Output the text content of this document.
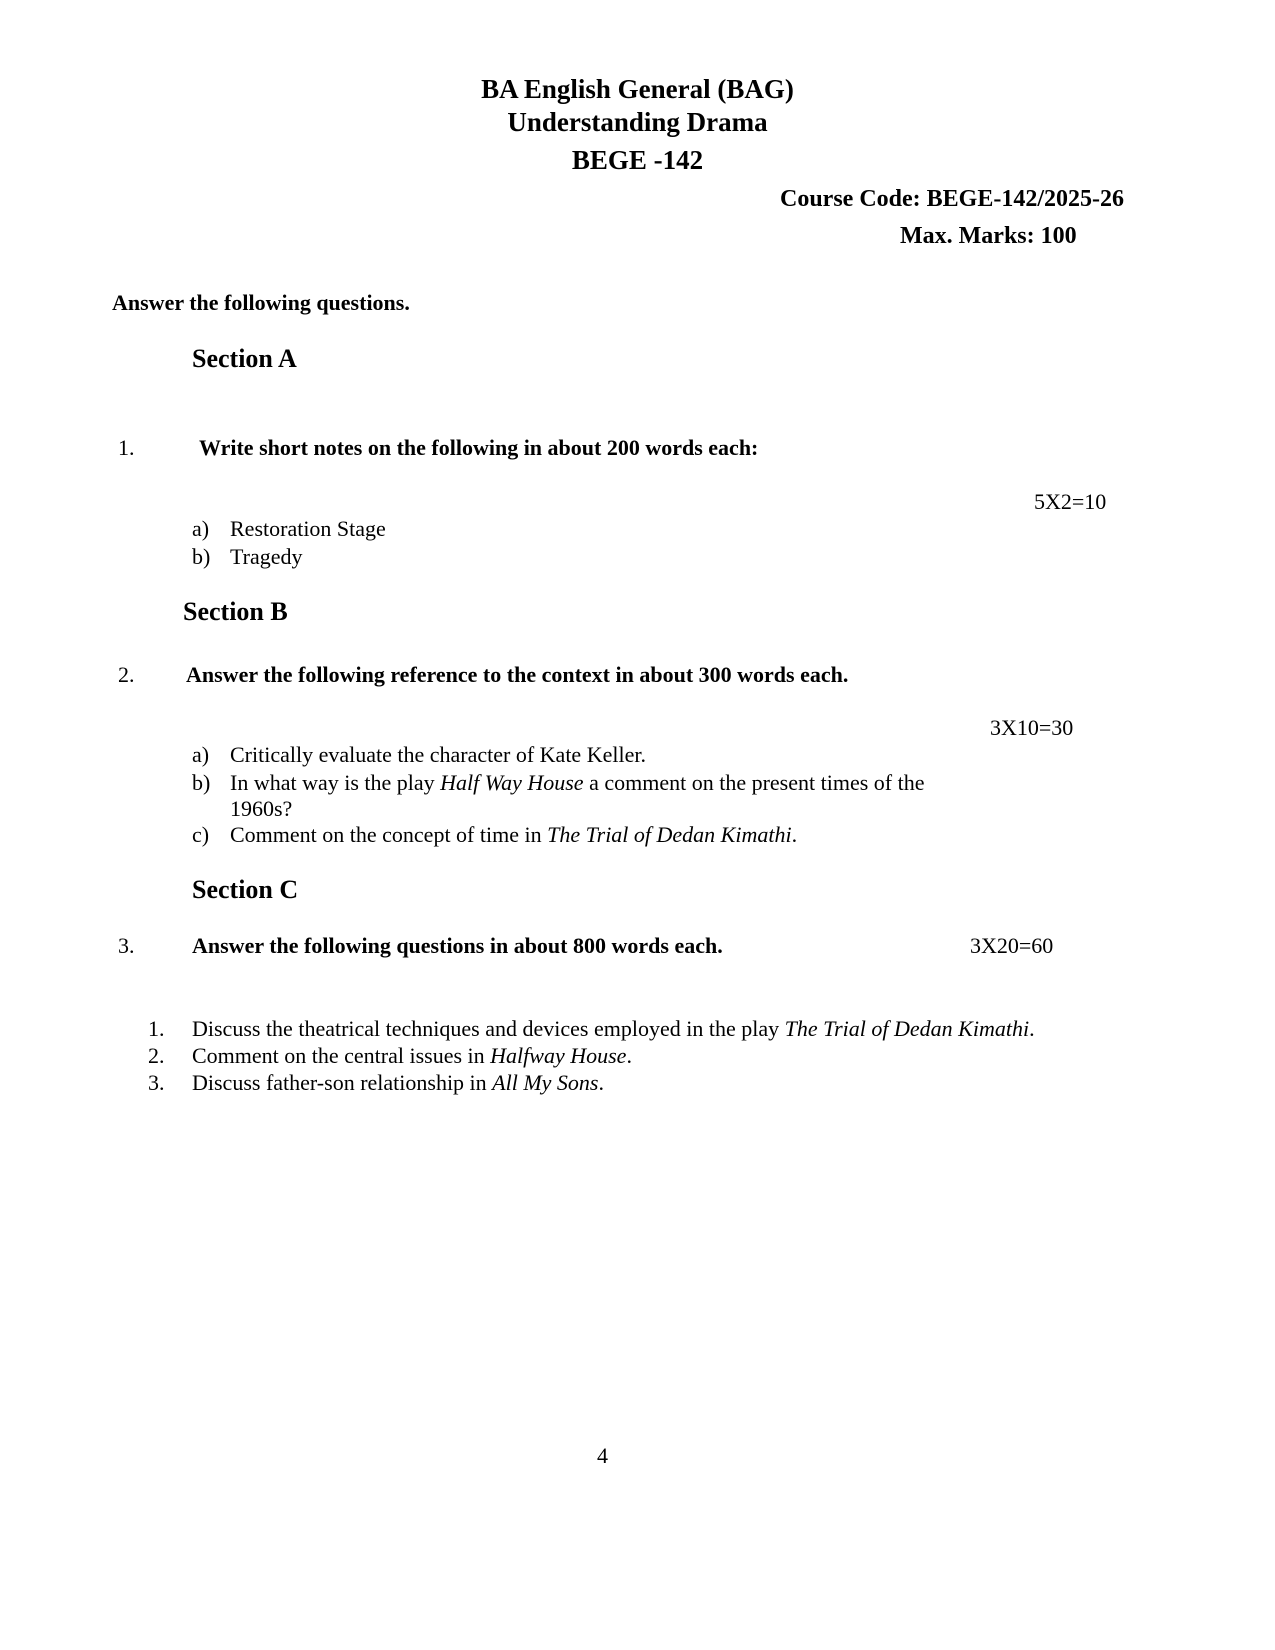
BA English General (BAG)
Understanding Drama
BEGE -142
Course Code: BEGE-142/2025-26
Max. Marks: 100
Answer the following questions.
Section A
1.	Write short notes on the following in about 200 words each:
5X2=10
a) Restoration Stage
b) Tragedy
Section B
2. Answer the following reference to the context in about 300 words each.
3X10=30
a) Critically evaluate the character of Kate Keller.
b) In what way is the play Half Way House a comment on the present times of the
1960s?
c) Comment on the concept of time in The Trial of Dedan Kimathi.
Section C
3.	Answer the following questions in about 800 words each.	3X20=60
1. Discuss the theatrical techniques and devices employed in the play The Trial of Dedan Kimathi.
2. Comment on the central issues in Halfway House.
3. Discuss father-son relationship in All My Sons.
4
